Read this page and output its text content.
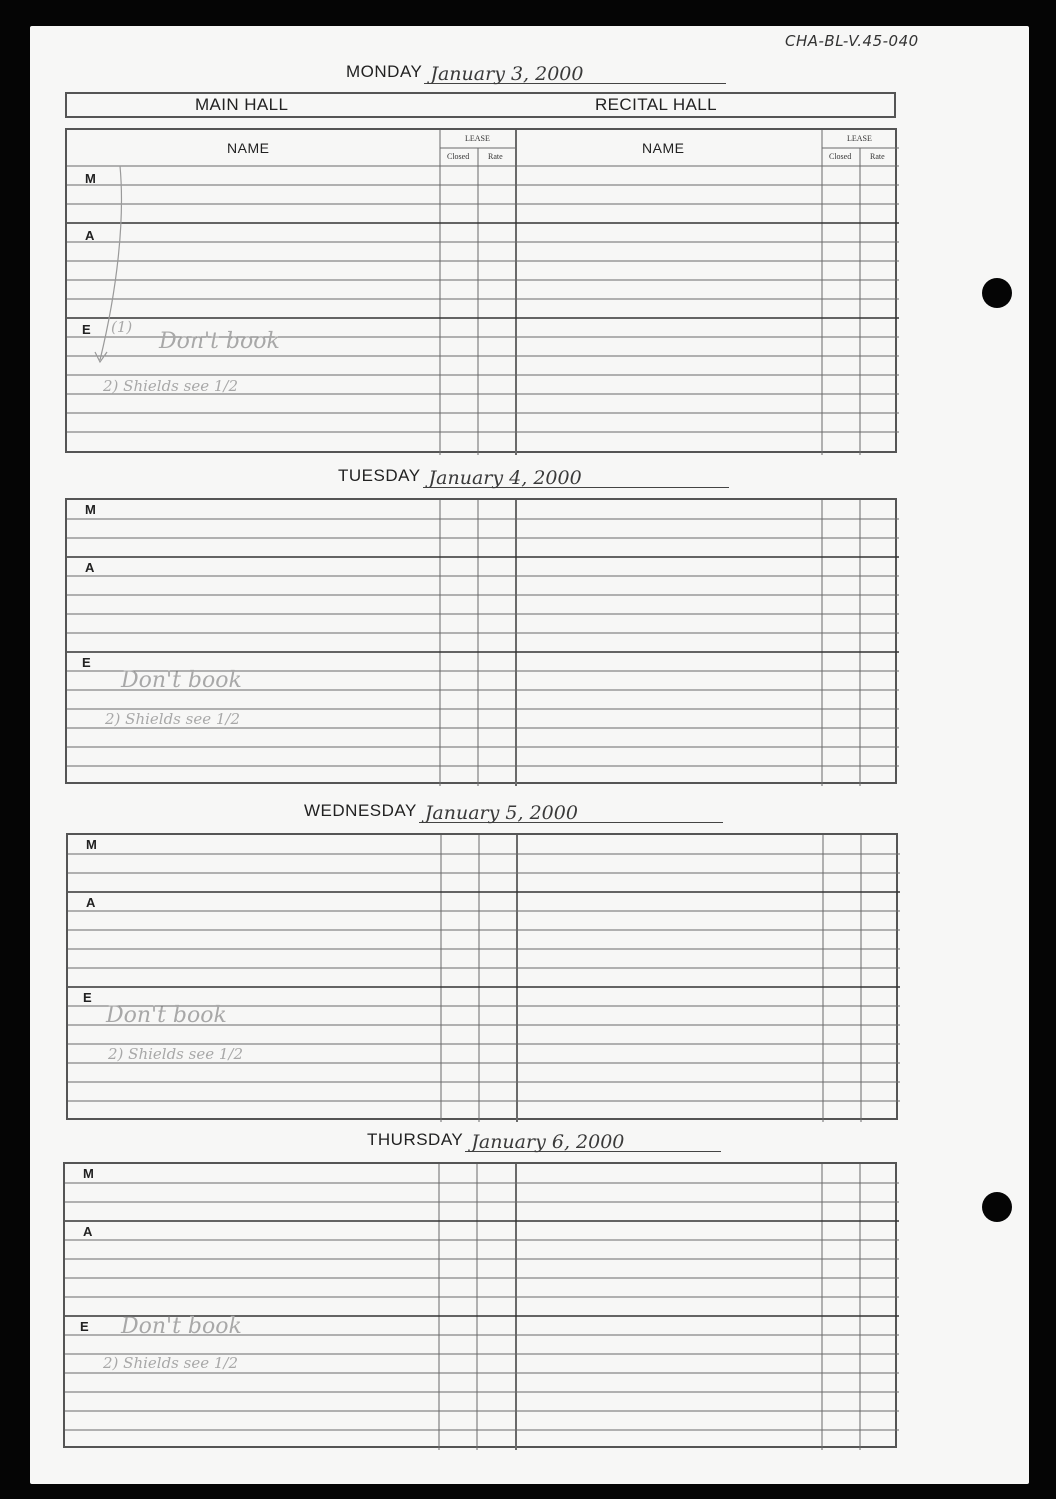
CHA-BL-V.45-040
MONDAY January 3, 2000
MAIN HALL	RECITAL HALL
NAME	NAME
LEASE
Closed Rate
LEASE
Closed Rate
M
A
E (1)
Don't book
2) Shields see 1/2
TUESDAY January 4, 2000
M
A
E
Don't book
2) Shields see 1/2
WEDNESDAY January 5, 2000
M
A
E
Don't book
2) Shields see 1/2
THURSDAY January 6, 2000
M
A
E Don't book
2) Shields see 1/2
